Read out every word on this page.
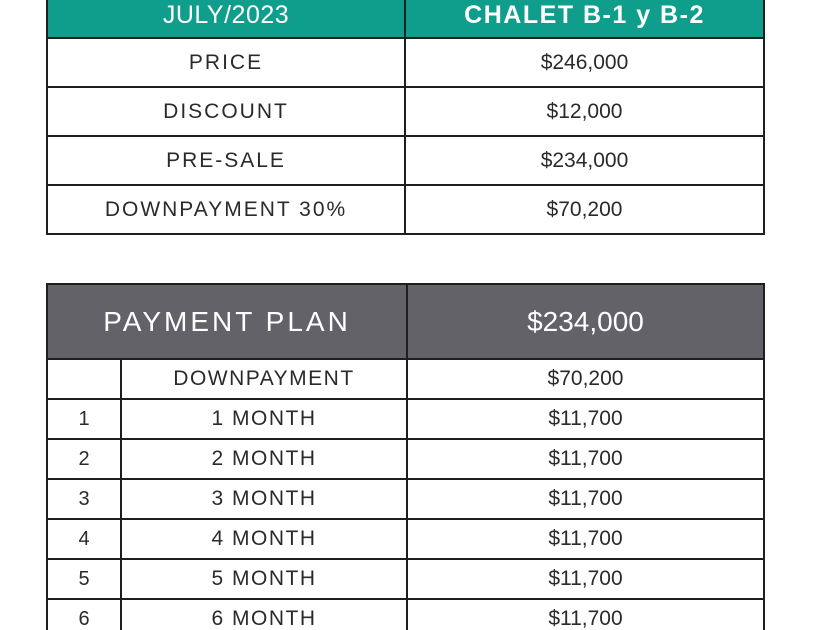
JULY/2023	CHALET B-1 y B-2
PRICE	$246,000
DISCOUNT	$12,000
PRE-SALE	$234,000
DOWNPAYMENT 30%	$70,200
PAYMENT PLAN		$234,000
	DOWNPAYMENT	$70,200
1	1 MONTH	$11,700
2	2 MONTH	$11,700
3	3 MONTH	$11,700
4	4 MONTH	$11,700
5	5 MONTH	$11,700
6	6 MONTH	$11,700
